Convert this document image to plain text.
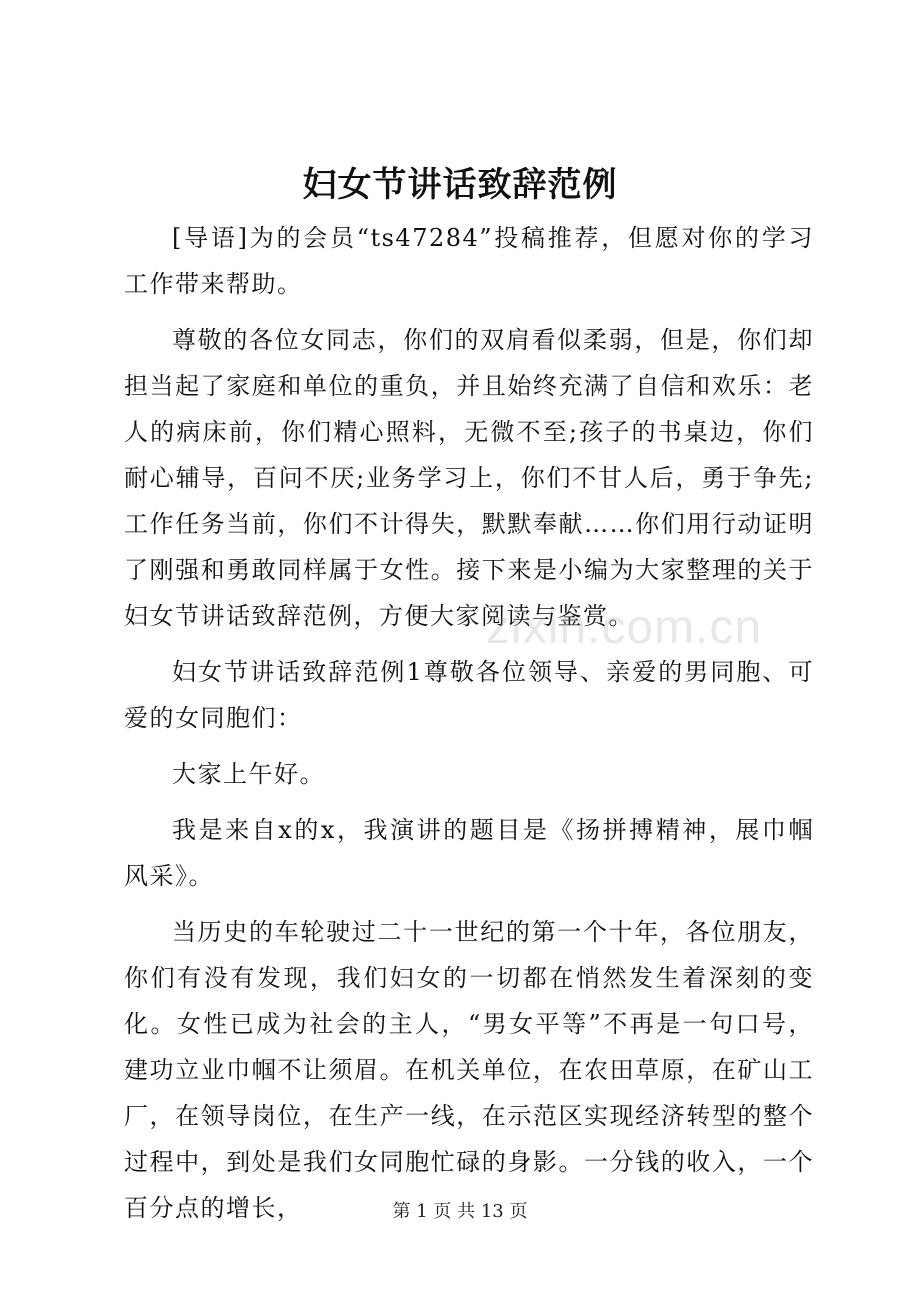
妇女节讲话致辞范例

[导语]为的会员“ts47284”投稿推荐，但愿对你的学习工作带来帮助。

尊敬的各位女同志，你们的双肩看似柔弱，但是，你们却担当起了家庭和单位的重负，并且始终充满了自信和欢乐：老人的病床前，你们精心照料，无微不至;孩子的书桌边，你们耐心辅导，百问不厌;业务学习上，你们不甘人后，勇于争先;工作任务当前，你们不计得失，默默奉献……你们用行动证明了刚强和勇敢同样属于女性。接下来是小编为大家整理的关于妇女节讲话致辞范例，方便大家阅读与鉴赏。

妇女节讲话致辞范例1尊敬各位领导、亲爱的男同胞、可爱的女同胞们：

大家上午好。

我是来自x的x，我演讲的题目是《扬拼搏精神，展巾帼风采》。

当历史的车轮驶过二十一世纪的第一个十年，各位朋友，你们有没有发现，我们妇女的一切都在悄然发生着深刻的变化。女性已成为社会的主人，“男女平等”不再是一句口号，建功立业巾帼不让须眉。在机关单位，在农田草原，在矿山工厂，在领导岗位，在生产一线，在示范区实现经济转型的整个过程中，到处是我们女同胞忙碌的身影。一分钱的收入，一个百分点的增长，

zixin.com.cn
第 1 页 共 13 页
